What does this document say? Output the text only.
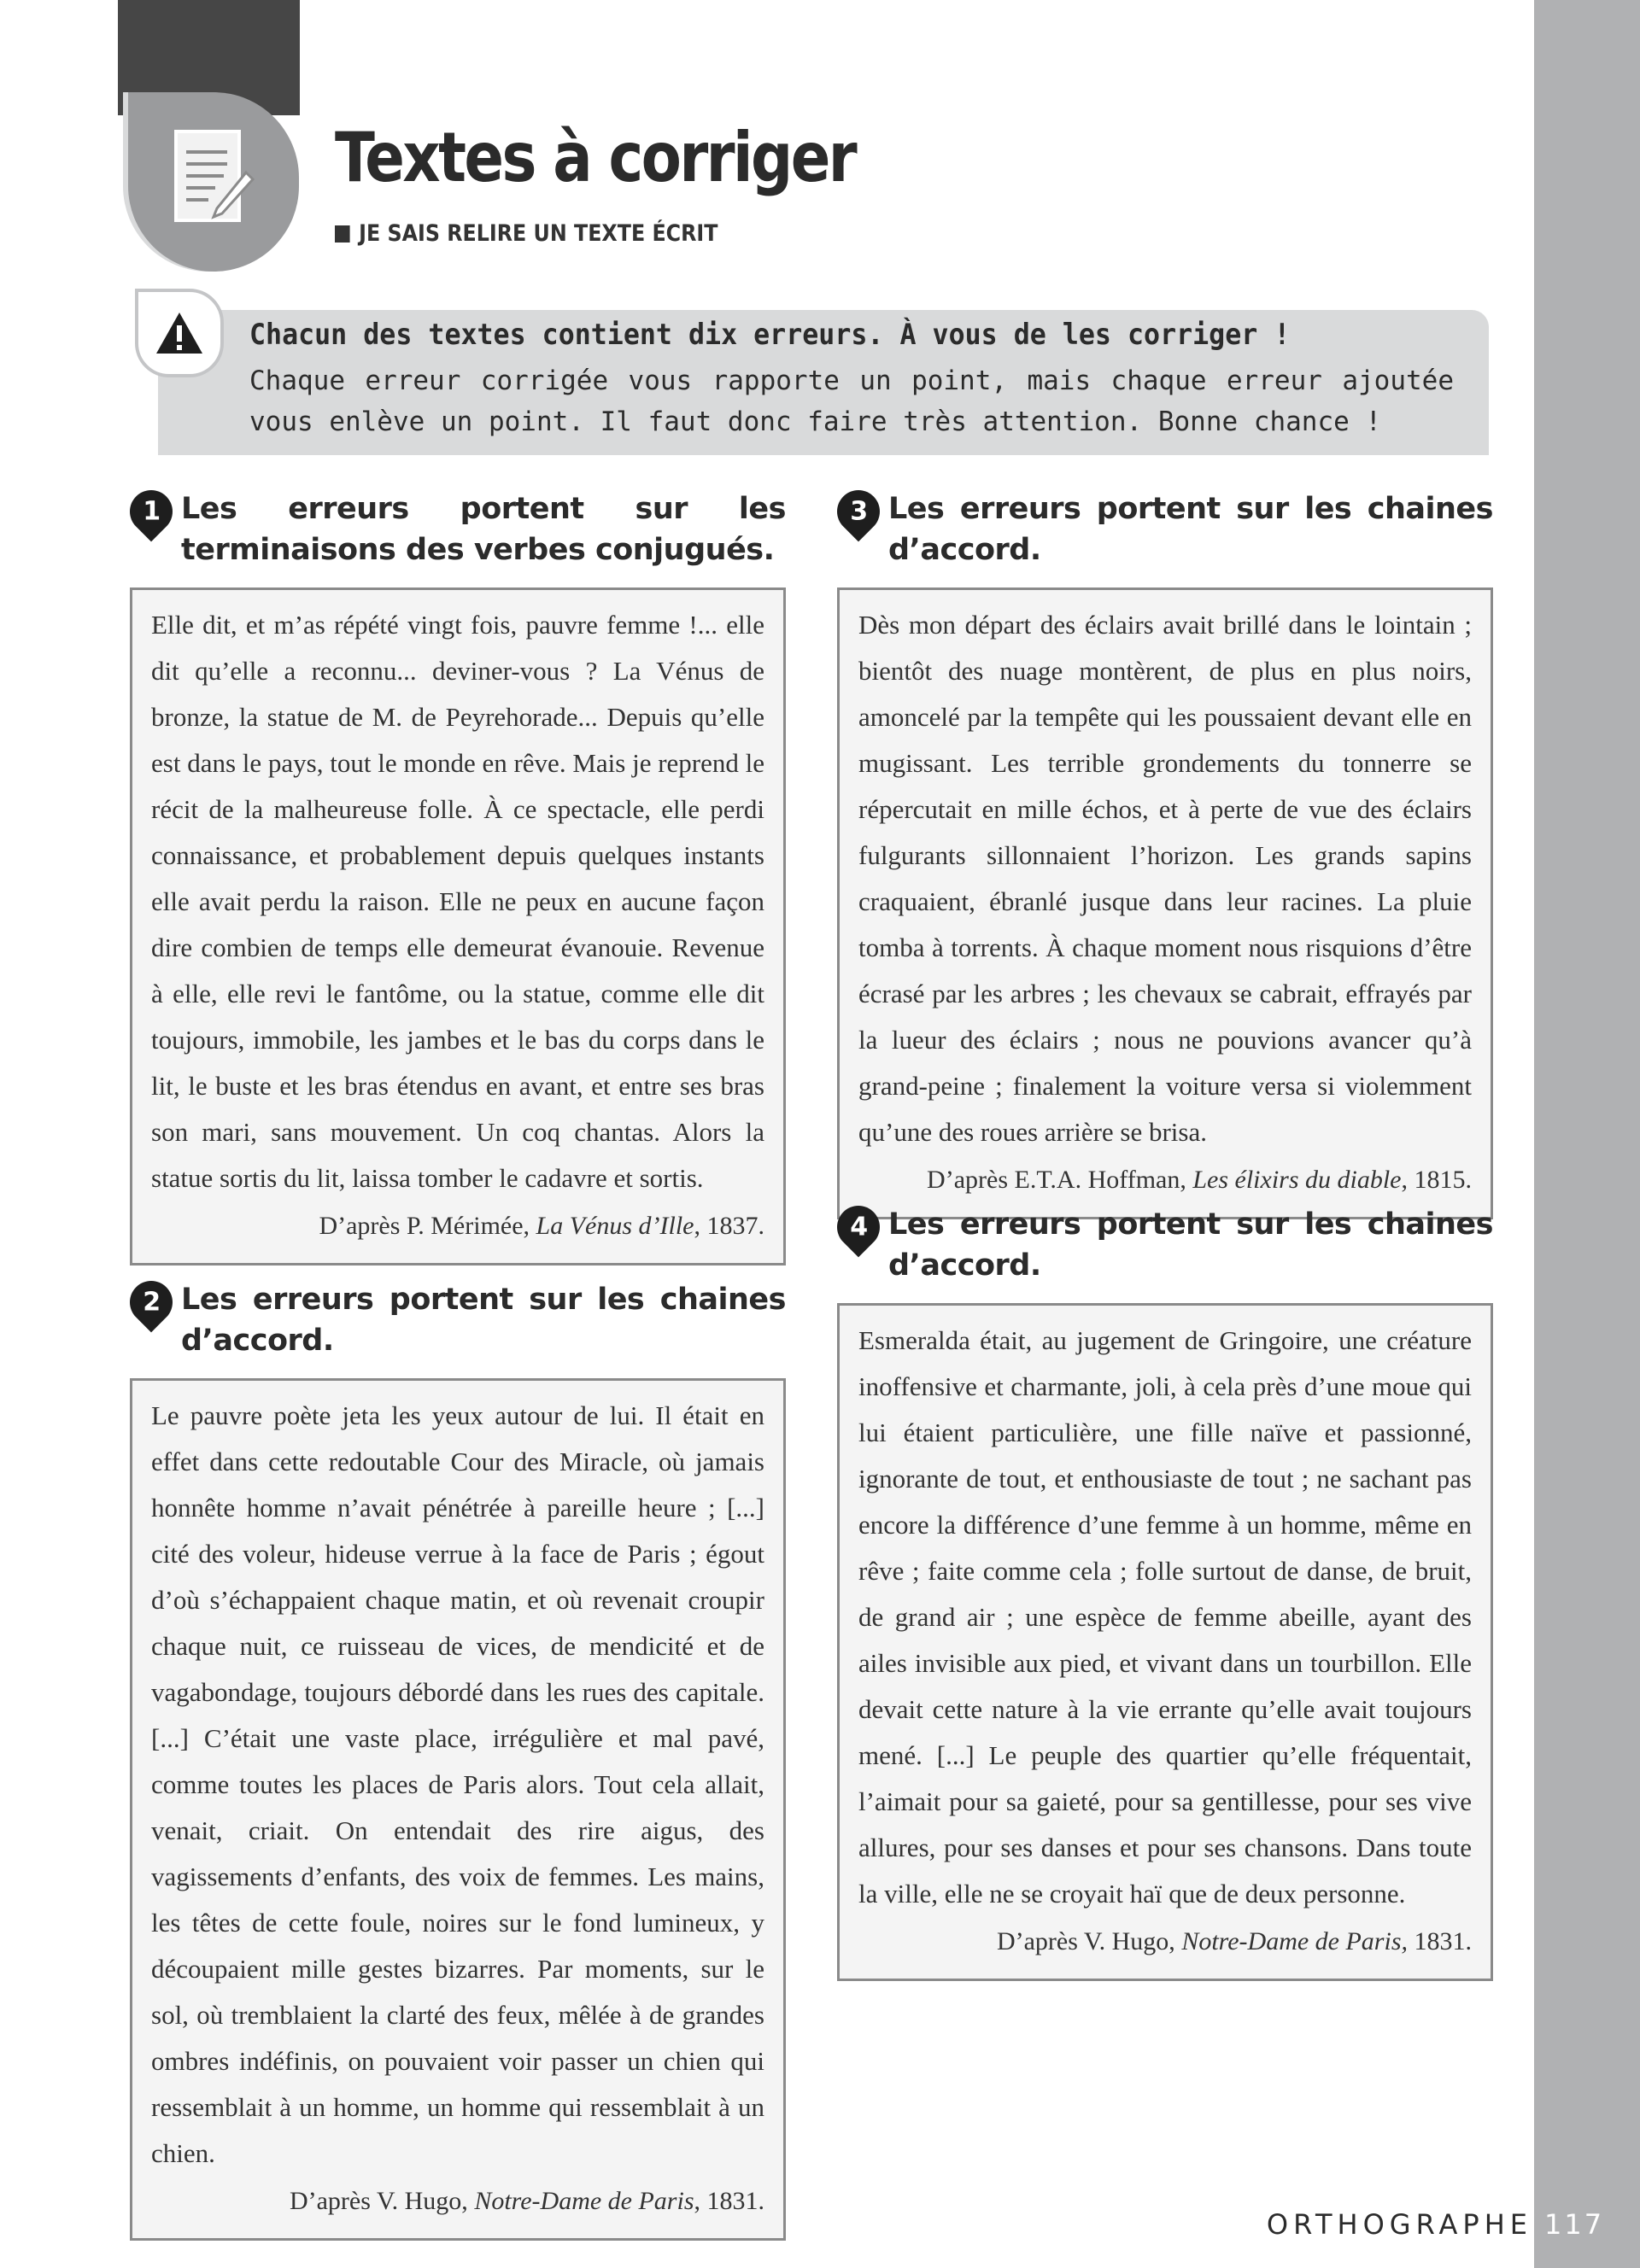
Textes à corriger
JE SAIS RELIRE UN TEXTE ÉCRIT
Chacun des textes contient dix erreurs. À vous de les corriger !
Chaque erreur corrigée vous rapporte un point, mais chaque erreur ajoutée vous enlève un point. Il faut donc faire très attention. Bonne chance !
1 Les erreurs portent sur les terminaisons des verbes conjugués.

Elle dit, et m’as répété vingt fois, pauvre femme !... elle dit qu’elle a reconnu... deviner-vous ? La Vénus de bronze, la statue de M. de Peyrehorade... Depuis qu’elle est dans le pays, tout le monde en rêve. Mais je reprend le récit de la malheureuse folle. À ce spectacle, elle perdi connaissance, et probablement depuis quelques instants elle avait perdu la raison. Elle ne peux en aucune façon dire combien de temps elle demeurat évanouie. Revenue à elle, elle revi le fantôme, ou la statue, comme elle dit toujours, immobile, les jambes et le bas du corps dans le lit, le buste et les bras étendus en avant, et entre ses bras son mari, sans mouvement. Un coq chantas. Alors la statue sortis du lit, laissa tomber le cadavre et sortis.

D’après P. Mérimée, La Vénus d’Ille, 1837.
2 Les erreurs portent sur les chaines d’accord.

Le pauvre poète jeta les yeux autour de lui. Il était en effet dans cette redoutable Cour des Miracle, où jamais honnête homme n’avait pénétrée à pareille heure ; [...] cité des voleur, hideuse verrue à la face de Paris ; égout d’où s’échappaient chaque matin, et où revenait croupir chaque nuit, ce ruisseau de vices, de mendicité et de vagabondage, toujours débordé dans les rues des capitale. [...] C’était une vaste place, irrégulière et mal pavé, comme toutes les places de Paris alors. Tout cela allait, venait, criait. On entendait des rire aigus, des vagissements d’enfants, des voix de femmes. Les mains, les têtes de cette foule, noires sur le fond lumineux, y découpaient mille gestes bizarres. Par moments, sur le sol, où tremblaient la clarté des feux, mêlée à de grandes ombres indéfinis, on pouvaient voir passer un chien qui ressemblait à un homme, un homme qui ressemblait à un chien.

D’après V. Hugo, Notre-Dame de Paris, 1831.
3 Les erreurs portent sur les chaines d’accord.

Dès mon départ des éclairs avait brillé dans le lointain ; bientôt des nuage montèrent, de plus en plus noirs, amoncelé par la tempête qui les poussaient devant elle en mugissant. Les terrible grondements du tonnerre se répercutait en mille échos, et à perte de vue des éclairs fulgurants sillonnaient l’horizon. Les grands sapins craquaient, ébranlé jusque dans leur racines. La pluie tomba à torrents. À chaque moment nous risquions d’être écrasé par les arbres ; les chevaux se cabrait, effrayés par la lueur des éclairs ; nous ne pouvions avancer qu’à grand-peine ; finalement la voiture versa si violemment qu’une des roues arrière se brisa.

D’après E.T.A. Hoffman, Les élixirs du diable, 1815.
4 Les erreurs portent sur les chaines d’accord.

Esmeralda était, au jugement de Gringoire, une créature inoffensive et charmante, joli, à cela près d’une moue qui lui étaient particulière, une fille naïve et passionné, ignorante de tout, et enthousiaste de tout ; ne sachant pas encore la différence d’une femme à un homme, même en rêve ; faite comme cela ; folle surtout de danse, de bruit, de grand air ; une espèce de femme abeille, ayant des ailes invisible aux pied, et vivant dans un tourbillon. Elle devait cette nature à la vie errante qu’elle avait toujours mené. [...] Le peuple des quartier qu’elle fréquentait, l’aimait pour sa gaieté, pour sa gentillesse, pour ses vive allures, pour ses danses et pour ses chansons. Dans toute la ville, elle ne se croyait haï que de deux personne.

D’après V. Hugo, Notre-Dame de Paris, 1831.
ORTHOGRAPHE 117
